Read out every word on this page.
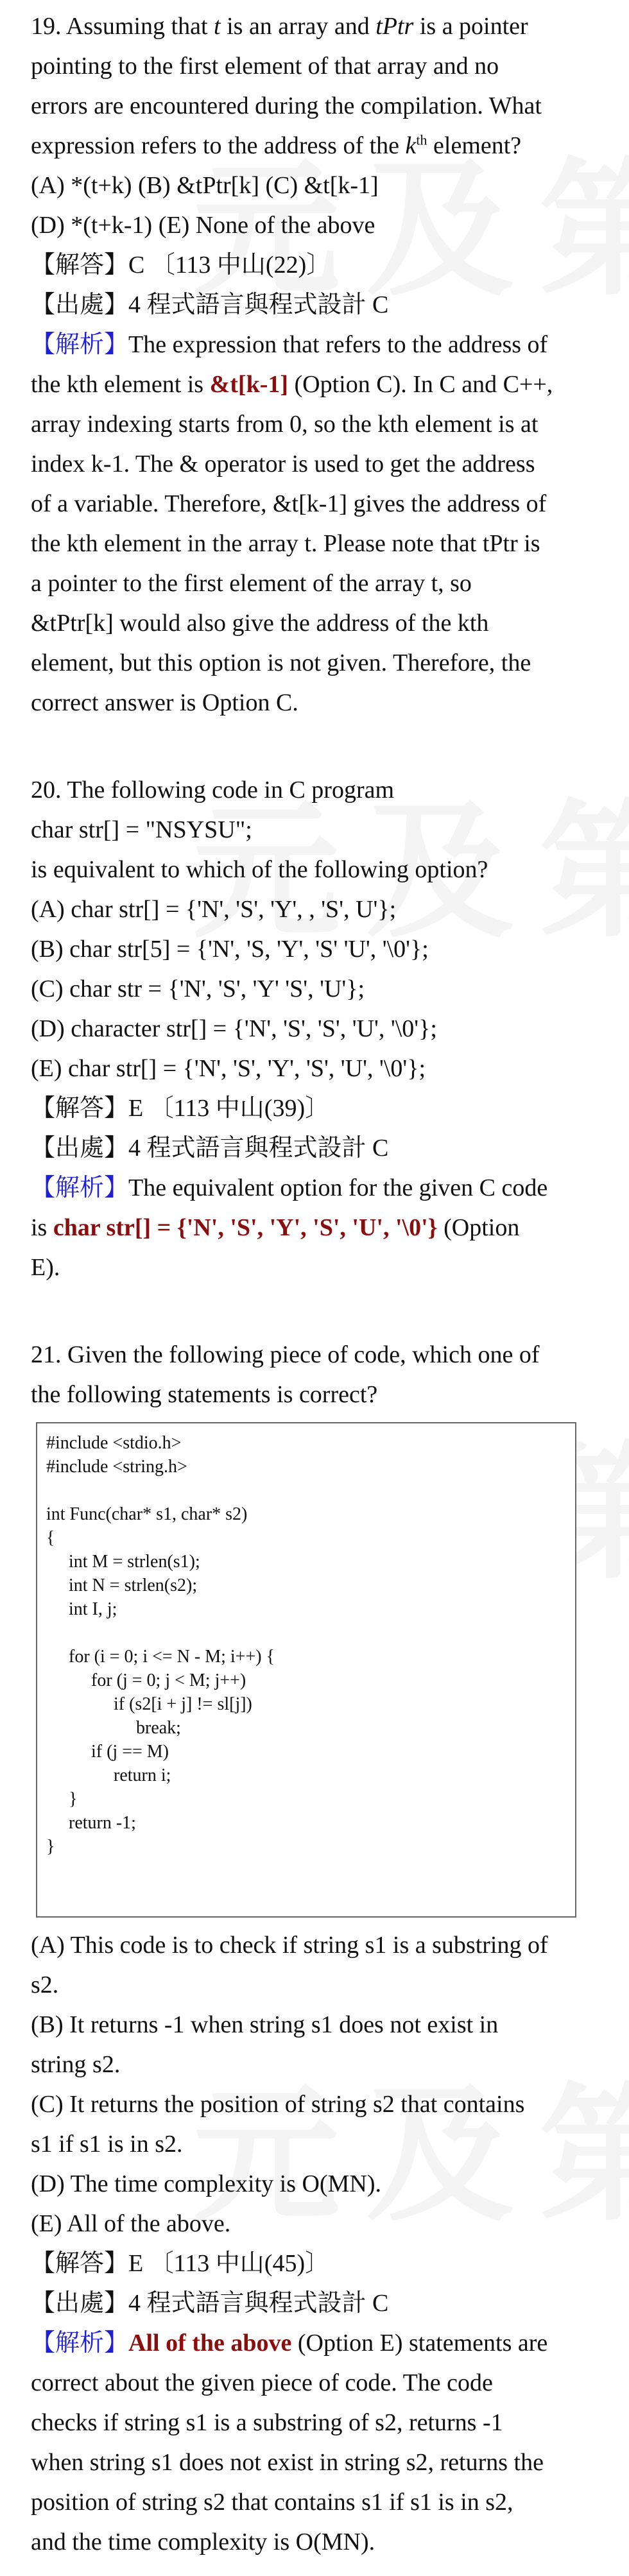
19. Assuming that t is an array and tPtr is a pointer
pointing to the first element of that array and no
errors are encountered during the compilation. What
expression refers to the address of the $k^{th}$ element?
(A) *(t+k) (B) &tPtr[k] (C) &t[k-1]
(D) *(t+k-1) (E) None of the above
【解答】C 〔113 中山(22)〕
【出處】4 程式語言與程式設計 C
【解析】The expression that refers to the address of
the kth element is &t[k-1] (Option C). In C and C++,
array indexing starts from 0, so the kth element is at
index k-1. The & operator is used to get the address
of a variable. Therefore, &t[k-1] gives the address of
the kth element in the array t. Please note that tPtr is
a pointer to the first element of the array t, so
&tPtr[k] would also give the address of the kth
element, but this option is not given. Therefore, the
correct answer is Option C.
20. The following code in C program
char str[] = "NSYSU";
is equivalent to which of the following option?
(A) char str[] = {'N', 'S', 'Y', , 'S', U'};
(B) char str[5] = {'N', 'S, 'Y', 'S' 'U', '\0'};
(C) char str = {'N', 'S', 'Y' 'S', 'U'};
(D) character str[] = {'N', 'S', 'S', 'U', '\0'};
(E) char str[] = {'N', 'S', 'Y', 'S', 'U', '\0'};
【解答】E 〔113 中山(39)〕
【出處】4 程式語言與程式設計 C
【解析】The equivalent option for the given C code
is char str[] = {'N', 'S', 'Y', 'S', 'U', '\0'} (Option
E).
21. Given the following piece of code, which one of
the following statements is correct?
#include <stdio.h>
#include <string.h>

int Func(char* s1, char* s2)
{
int M = strlen(s1);
int N = strlen(s2);
int I, j;

for (i = 0; i <= N - M; i++) {
for (j = 0; j < M; j++)
if (s2[i + j] != sl[j])
break;
if (j == M)
return i;
}
return -1;
}
(A) This code is to check if string s1 is a substring of
s2.
(B) It returns -1 when string s1 does not exist in
string s2.
(C) It returns the position of string s2 that contains
s1 if s1 is in s2.
(D) The time complexity is O(MN).
(E) All of the above.
【解答】E 〔113 中山(45)〕
【出處】4 程式語言與程式設計 C
【解析】All of the above (Option E) statements are
correct about the given piece of code. The code
checks if string s1 is a substring of s2, returns -1
when string s1 does not exist in string s2, returns the
position of string s2 that contains s1 if s1 is in s2,
and the time complexity is O(MN).
